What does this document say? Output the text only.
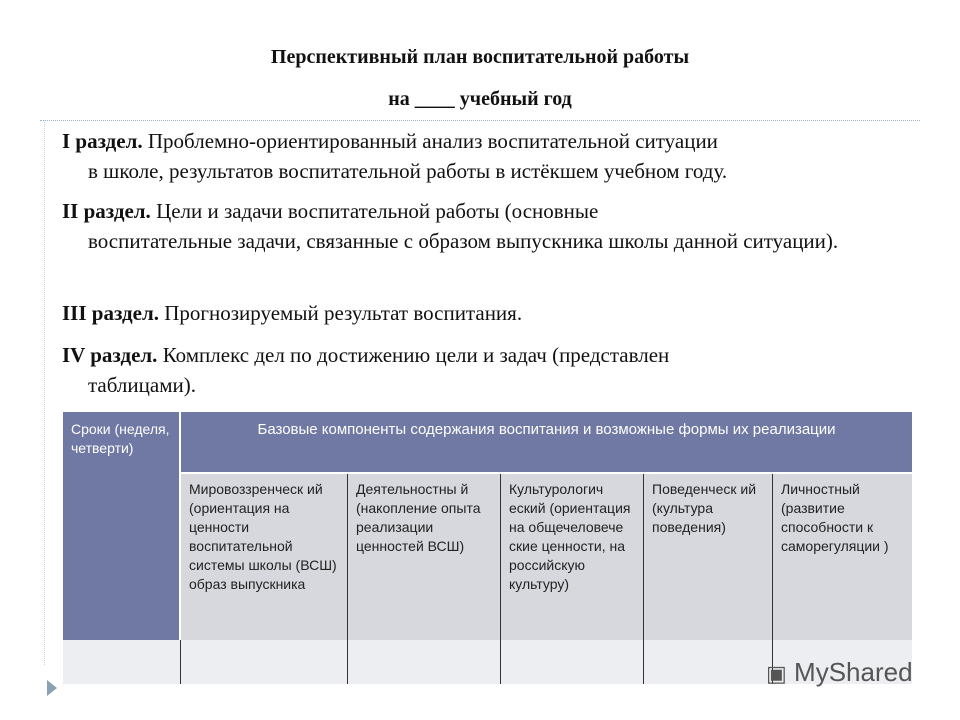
Перспективный план воспитательной работы
на ____ учебный год
I раздел. Проблемно-ориентированный анализ воспитательной ситуации
в школе, результатов воспитательной работы в истёкшем учебном году.
II раздел. Цели и задачи воспитательной работы (основные
воспитательные задачи, связанные с образом выпускника школы данной ситуации).
III раздел. Прогнозируемый результат воспитания.
IV раздел. Комплекс дел по достижению цели и задач (представлен
таблицами).
Сроки (неделя, четверти)	Базовые компоненты содержания воспитания и возможные формы их реализации				
	Мировоззренческ ий (ориентация на ценности воспитательной системы школы (ВСШ) образ выпускника	Деятельностны й (накопление опыта реализации ценностей ВСШ)	Культурологич еский (ориентация на общечеловече ские ценности, на российскую культуру)	Поведенческ ий (культура поведения)	Личностный (развитие способности к саморегуляции )

▣ MyShared
